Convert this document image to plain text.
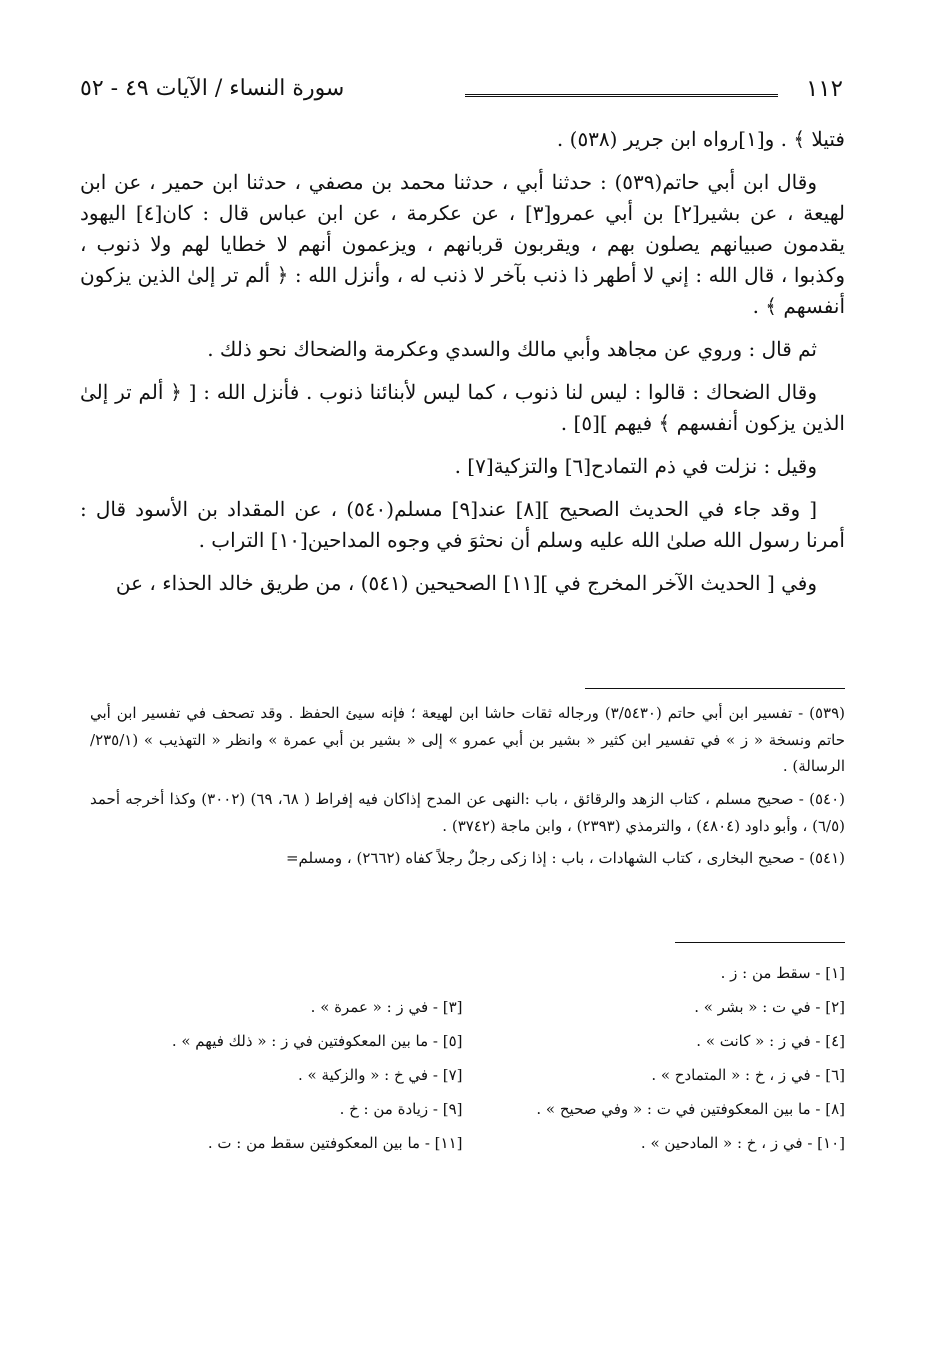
١١٢
سورة النساء / الآيات ٤٩ - ٥٢

فتيلا ﴾ . و[١]رواه ابن جرير (٥٣٨) .

وقال ابن أبي حاتم(٥٣٩) : حدثنا أبي ، حدثنا محمد بن مصفي ، حدثنا ابن حمير ، عن ابن لهيعة ، عن بشير[٢] بن أبي عمرو[٣] ، عن عكرمة ، عن ابن عباس قال : كان[٤] اليهود يقدمون صبيانهم يصلون بهم ، ويقربون قربانهم ، ويزعمون أنهم لا خطايا لهم ولا ذنوب ، وكذبوا ، قال الله : إني لا أطهر ذا ذنب بآخر لا ذنب له ، وأنزل الله : ﴿ ألم تر إلىٰ الذين يزكون أنفسهم ﴾ .

ثم قال : وروي عن مجاهد وأبي مالك والسدي وعكرمة والضحاك نحو ذلك .

وقال الضحاك : قالوا : ليس لنا ذنوب ، كما ليس لأبنائنا ذنوب . فأنزل الله : [ ﴿ ألم تر إلىٰ الذين يزكون أنفسهم ﴾ فيهم ][٥] .

وقيل : نزلت في ذم التمادح[٦] والتزكية[٧] .

[ وقد جاء في الحديث الصحيح ][٨] عند[٩] مسلم(٥٤٠) ، عن المقداد بن الأسود قال : أمرنا رسول الله صلىٰ الله عليه وسلم أن نحثوَ في وجوه المداحين[١٠] التراب .

وفي [ الحديث الآخر المخرج في ][١١] الصحيحين (٥٤١) ، من طريق خالد الحذاء ، عن

(٥٣٩) - تفسير ابن أبي حاتم (٣/٥٤٣٠) ورجاله ثقات حاشا ابن لهيعة ؛ فإنه سيئ الحفظ . وقد تصحف في تفسير ابن أبي حاتم ونسخة « ز » في تفسير ابن كثير « بشير بن أبي عمرو » إلى « بشير بن أبي عمرة » وانظر « التهذيب » (٢٣٥/١/ الرسالة) .

(٥٤٠) - صحيح مسلم ، كتاب الزهد والرقائق ، باب :النهى عن المدح إذاكان فيه إفراط ( ٦٨، ٦٩) (٣٠٠٢) وكذا أخرجه أحمد (٦/٥) ، وأبو داود (٤٨٠٤) ، والترمذي (٢٣٩٣) ، وابن ماجة (٣٧٤٢) .

(٥٤١) - صحيح البخارى ، كتاب الشهادات ، باب : إذا زكى رجلٌ رجلاً كفاه (٢٦٦٢) ، ومسلم=

[١] - سقط من : ز .
[٢] - في ت : « بشر » .
[٣] - في ز : « عمرة » .
[٤] - في ز : « كانت » .
[٥] - ما بين المعكوفتين في ز : « ذلك فيهم » .
[٦] - في ز ، خ : « المتمادح » .
[٧] - في خ : « والزكية » .
[٨] - ما بين المعكوفتين في ت : « وفي صحيح » .
[٩] - زيادة من : خ .
[١٠] - في ز ، خ : « المادحين » .
[١١] - ما بين المعكوفتين سقط من : ت .
